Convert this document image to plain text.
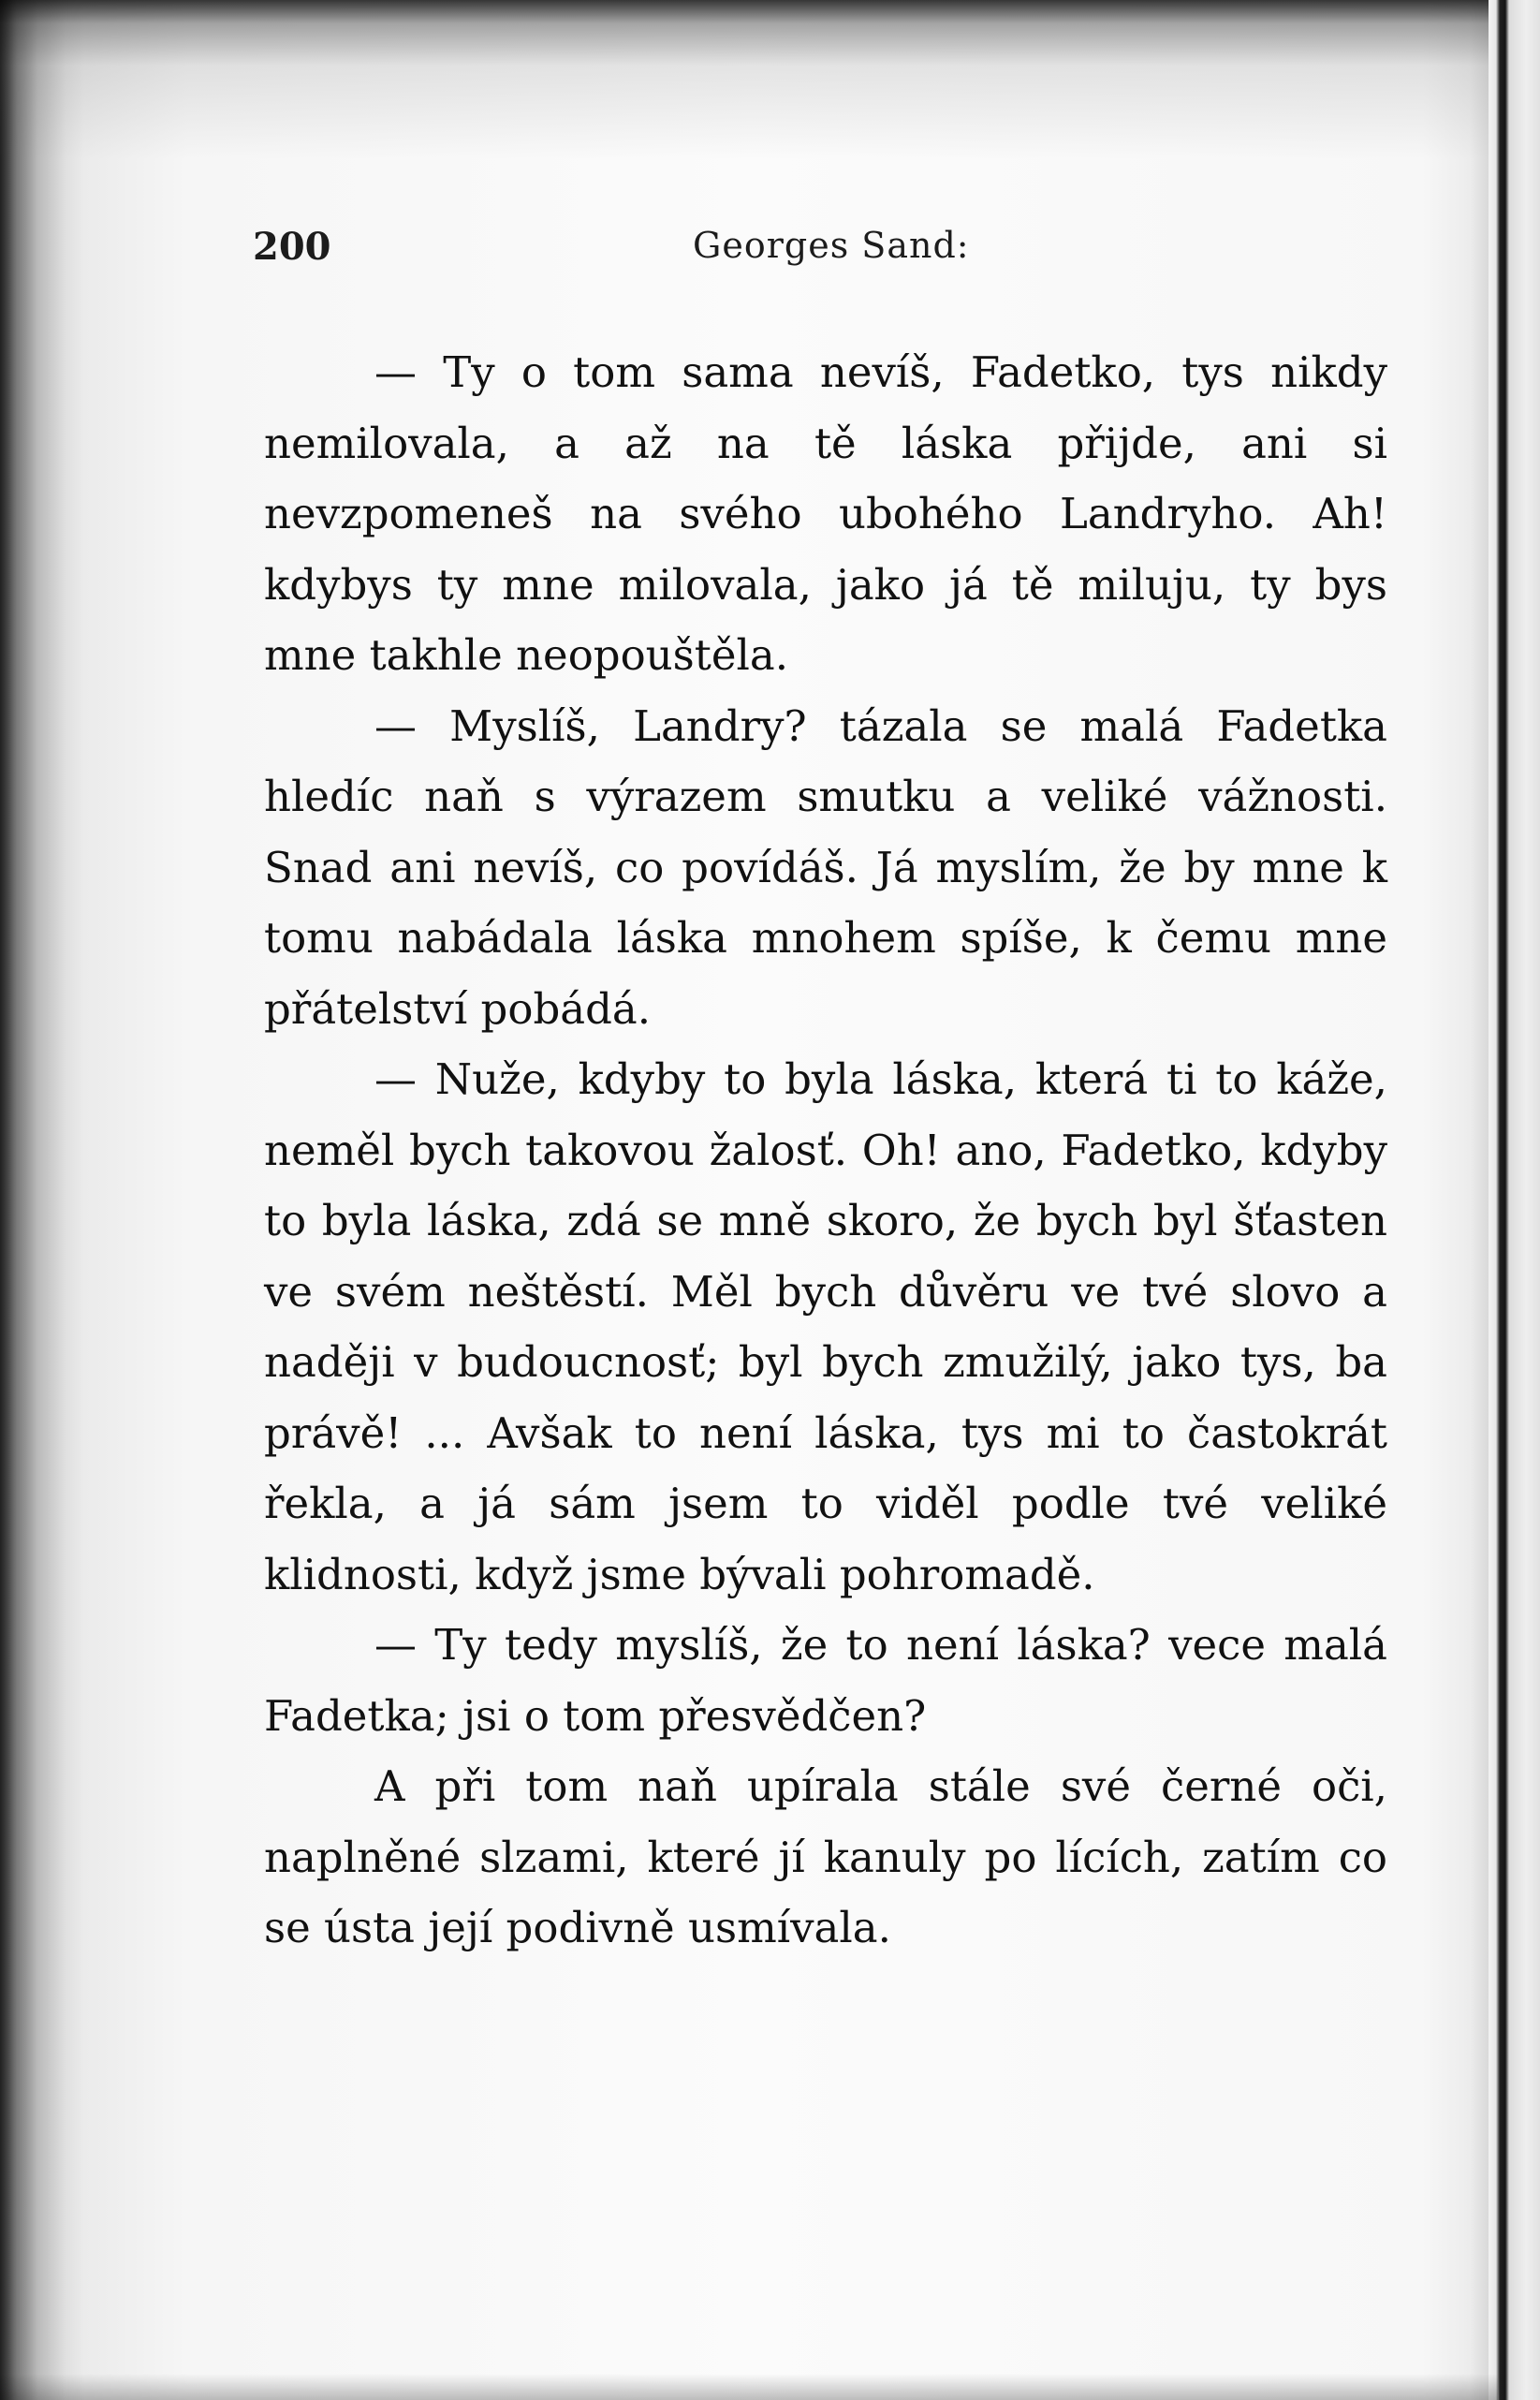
200	Georges Sand:

— Ty o tom sama nevíš, Fadetko, tys nikdy nemilovala, a až na tě láska přijde, ani si nevzpomeneš na svého ubohého Landryho. Ah! kdybys ty mne milovala, jako já tě miluju, ty bys mne takhle neopouštěla.

— Myslíš, Landry? tázala se malá Fadetka hledíc naň s výrazem smutku a veliké vážnosti. Snad ani nevíš, co povídáš. Já myslím, že by mne k tomu nabádala láska mnohem spíše, k čemu mne přátelství pobádá.

— Nuže, kdyby to byla láska, která ti to káže, neměl bych takovou žalosť. Oh! ano, Fadetko, kdyby to byla láska, zdá se mně skoro, že bych byl šťasten ve svém neštěstí. Měl bych důvěru ve tvé slovo a naději v budoucnosť; byl bych zmužilý, jako tys, ba právě! ... Avšak to není láska, tys mi to častokrát řekla, a já sám jsem to viděl podle tvé veliké klidnosti, když jsme bývali pohromadě.

— Ty tedy myslíš, že to není láska? vece malá Fadetka; jsi o tom přesvědčen?

A při tom naň upírala stále své černé oči, naplněné slzami, které jí kanuly po lících, zatím co se ústa její podivně usmívala.
